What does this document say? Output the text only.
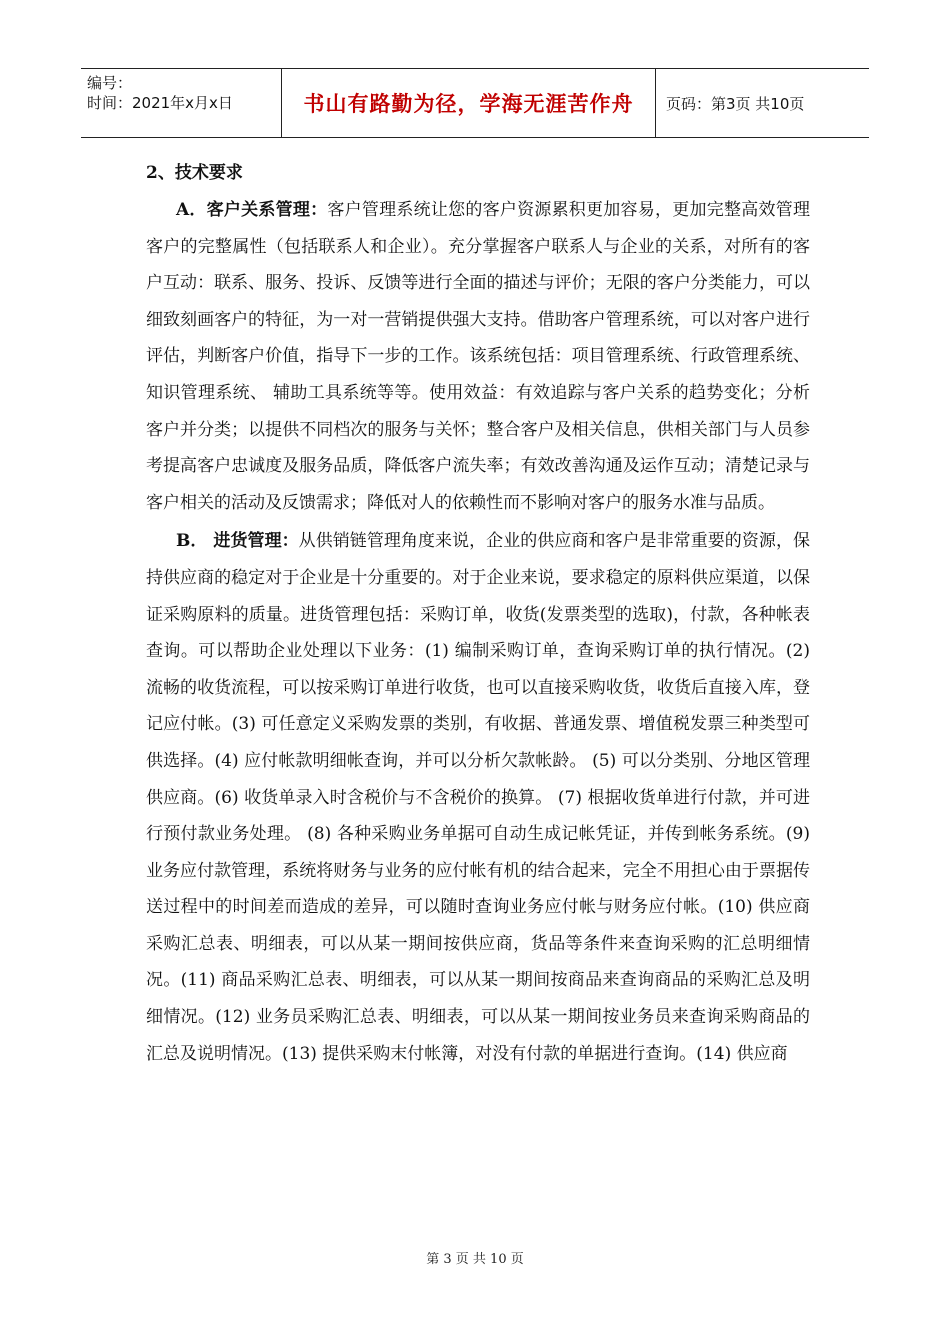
编号：
时间：2021年x月x日	书山有路勤为径，学海无涯苦作舟 页码：第3页 共10页
2、技术要求

A．客户关系管理：客户管理系统让您的客户资源累积更加容易，更加完整高效管理客户的完整属性（包括联系人和企业）。充分掌握客户联系人与企业的关系，对所有的客户互动：联系、服务、投诉、反馈等进行全面的描述与评价；无限的客户分类能力，可以细致刻画客户的特征，为一对一营销提供强大支持。借助客户管理系统，可以对客户进行评估，判断客户价值，指导下一步的工作。该系统包括：项目管理系统、行政管理系统、知识管理系统、 辅助工具系统等等。使用效益：有效追踪与客户关系的趋势变化；分析客户并分类；以提供不同档次的服务与关怀；整合客户及相关信息，供相关部门与人员参考提高客户忠诚度及服务品质，降低客户流失率；有效改善沟通及运作互动；清楚记录与客户相关的活动及反馈需求；降低对人的依赖性而不影响对客户的服务水准与品质。

B． 进货管理：从供销链管理角度来说，企业的供应商和客户是非常重要的资源，保持供应商的稳定对于企业是十分重要的。对于企业来说，要求稳定的原料供应渠道，以保证采购原料的质量。进货管理包括：采购订单，收货(发票类型的选取)，付款，各种帐表查询。可以帮助企业处理以下业务：(1) 编制采购订单，查询采购订单的执行情况。(2) 流畅的收货流程，可以按采购订单进行收货，也可以直接采购收货，收货后直接入库，登记应付帐。(3) 可任意定义采购发票的类别，有收据、普通发票、增值税发票三种类型可供选择。(4) 应付帐款明细帐查询，并可以分析欠款帐龄。 (5) 可以分类别、分地区管理供应商。(6) 收货单录入时含税价与不含税价的换算。 (7) 根据收货单进行付款，并可进行预付款业务处理。 (8) 各种采购业务单据可自动生成记帐凭证，并传到帐务系统。(9) 业务应付款管理，系统将财务与业务的应付帐有机的结合起来，完全不用担心由于票据传送过程中的时间差而造成的差异，可以随时查询业务应付帐与财务应付帐。(10) 供应商采购汇总表、明细表，可以从某一期间按供应商，货品等条件来查询采购的汇总明细情况。(11) 商品采购汇总表、明细表，可以从某一期间按商品来查询商品的采购汇总及明细情况。(12) 业务员采购汇总表、明细表，可以从某一期间按业务员来查询采购商品的汇总及说明情况。(13) 提供采购末付帐簿，对没有付款的单据进行查询。(14) 供应商

第 3 页 共 10 页
